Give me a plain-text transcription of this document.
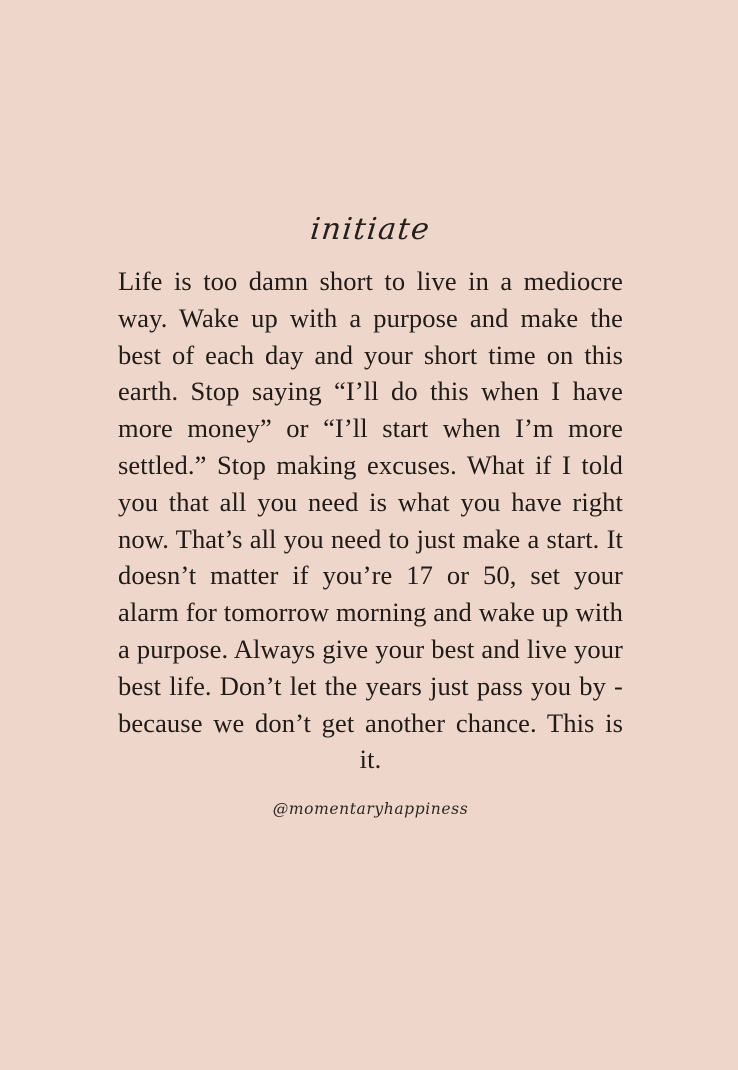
initiate

Life is too damn short to live in a mediocre way. Wake up with a purpose and make the best of each day and your short time on this earth. Stop saying “I’ll do this when I have more money” or “I’ll start when I’m more settled.” Stop making excuses. What if I told you that all you need is what you have right now. That’s all you need to just make a start. It doesn’t matter if you’re 17 or 50, set your alarm for tomorrow morning and wake up with a purpose. Always give your best and live your best life. Don’t let the years just pass you by - because we don’t get another chance. This is it.

@momentaryhappiness
